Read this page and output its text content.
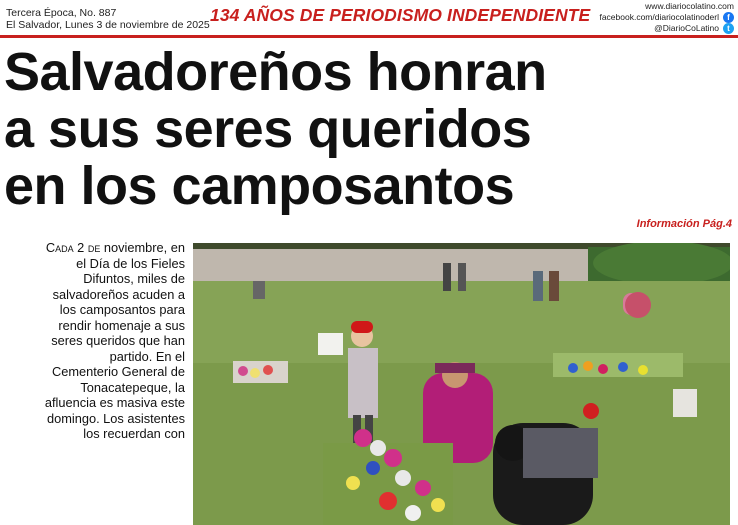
Tercera Época, No. 887
El Salvador, Lunes 3 de noviembre de 2025 134 AÑOS DE PERIODISMO INDEPENDIENTE	www.diariocolatino.com
facebook.com/diariocolatinoderl	f
@DiarioCoLatino	t
Salvadoreños honran
a sus seres queridos
en los camposantos
Información Pág.4
Cada 2 de noviembre, en el Día de los Fieles Difuntos, miles de salvadoreños acuden a los camposantos para rendir homenaje a sus seres queridos que han partido. En el Cementerio General de Tonacatepeque, la afluencia es masiva este domingo. Los asistentes los recuerdan con
